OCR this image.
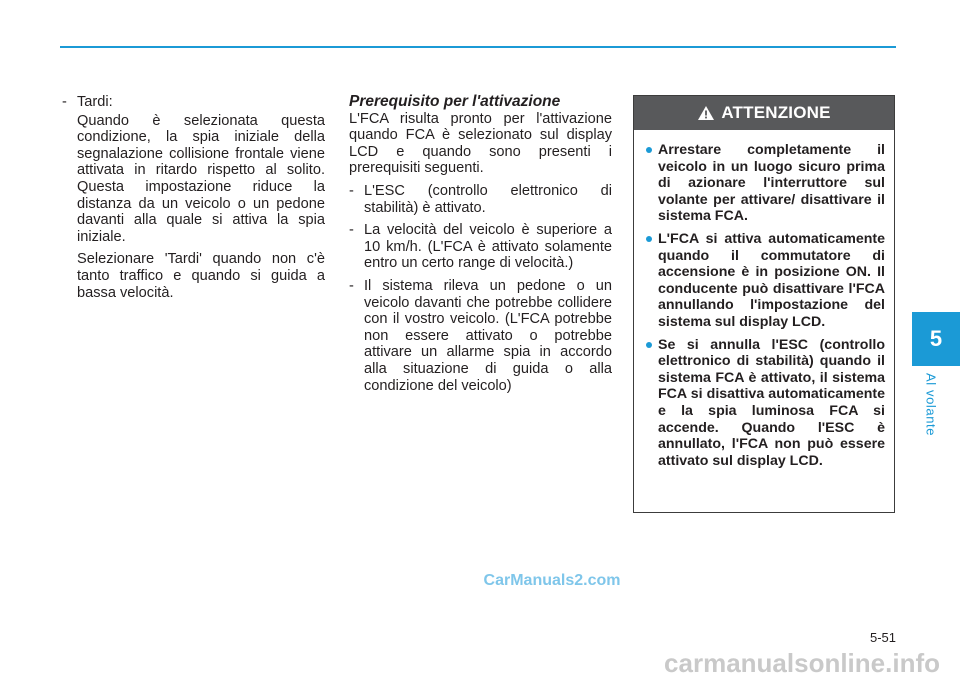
- Tardi:

Quando è selezionata questa condizione, la spia iniziale della segnalazione collisione frontale viene attivata in ritardo rispetto al solito. Questa impostazione riduce la distanza da un veicolo o un pedone davanti alla quale si attiva la spia iniziale.

Selezionare 'Tardi' quando non c'è tanto traffico e quando si guida a bassa velocità.

Prerequisito per l'attivazione

L'FCA risulta pronto per l'attivazione quando FCA è selezionato sul display LCD e quando sono presenti i prerequisiti seguenti.

- L'ESC (controllo elettronico di stabilità) è attivato.

- La velocità del veicolo è superiore a 10 km/h. (L'FCA è attivato solamente entro un certo range di velocità.)

- Il sistema rileva un pedone o un veicolo davanti che potrebbe collidere con il vostro veicolo. (L'FCA potrebbe non essere attivato o potrebbe attivare un allarme spia in accordo alla situazione di guida o alla condizione del veicolo)

ATTENZIONE
Arrestare completamente il veicolo in un luogo sicuro prima di azionare l'interruttore sul volante per attivare/ disattivare il sistema FCA.
L'FCA si attiva automaticamente quando il commutatore di accensione è in posizione ON. Il conducente può disattivare l'FCA annullando l'impostazione del sistema sul display LCD.
Se si annulla l'ESC (controllo elettronico di stabilità) quando il sistema FCA è attivato, il sistema FCA si disattiva automaticamente e la spia luminosa FCA si accende. Quando l'ESC è annullato, l'FCA non può essere attivato sul display LCD.
5
Al volante
CarManuals2.com
5-51
carmanualsonline.info
